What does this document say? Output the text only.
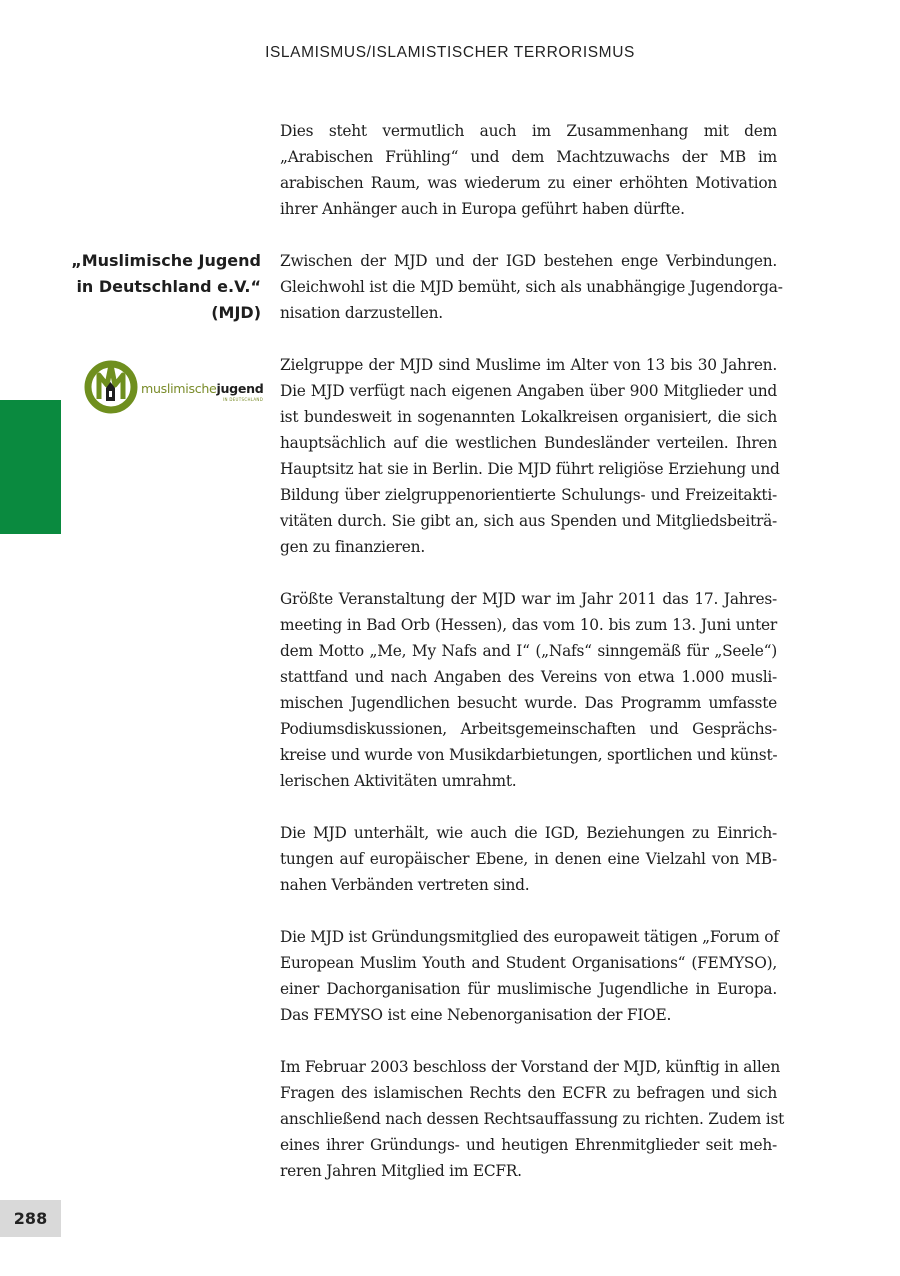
ISLAMISMUS/ISLAMISTISCHER TERRORISMUS
288
„Muslimische Jugend
in Deutschland e.V.“
(MJD)
muslimischejugend
IN DEUTSCHLAND
Dies steht vermutlich auch im Zusammenhang mit dem
„Arabischen Frühling“ und dem Machtzuwachs der MB im
arabischen Raum, was wiederum zu einer erhöhten Motivation
ihrer Anhänger auch in Europa geführt haben dürfte.
Zwischen der MJD und der IGD bestehen enge Verbindungen.
Gleichwohl ist die MJD bemüht, sich als unabhängige Jugendorga-
nisation darzustellen.
Zielgruppe der MJD sind Muslime im Alter von 13 bis 30 Jahren.
Die MJD verfügt nach eigenen Angaben über 900 Mitglieder und
ist bundesweit in sogenannten Lokalkreisen organisiert, die sich
hauptsächlich auf die westlichen Bundesländer verteilen. Ihren
Hauptsitz hat sie in Berlin. Die MJD führt religiöse Erziehung und
Bildung über zielgruppenorientierte Schulungs- und Freizeitakti-
vitäten durch. Sie gibt an, sich aus Spenden und Mitgliedsbeiträ-
gen zu finanzieren.
Größte Veranstaltung der MJD war im Jahr 2011 das 17. Jahres-
meeting in Bad Orb (Hessen), das vom 10. bis zum 13. Juni unter
dem Motto „Me, My Nafs and I“ („Nafs“ sinngemäß für „Seele“)
stattfand und nach Angaben des Vereins von etwa 1.000 musli-
mischen Jugendlichen besucht wurde. Das Programm umfasste
Podiumsdiskussionen, Arbeitsgemeinschaften und Gesprächs-
kreise und wurde von Musikdarbietungen, sportlichen und künst-
lerischen Aktivitäten umrahmt.
Die MJD unterhält, wie auch die IGD, Beziehungen zu Einrich-
tungen auf europäischer Ebene, in denen eine Vielzahl von MB-
nahen Verbänden vertreten sind.
Die MJD ist Gründungsmitglied des europaweit tätigen „Forum of
European Muslim Youth and Student Organisations“ (FEMYSO),
einer Dachorganisation für muslimische Jugendliche in Europa.
Das FEMYSO ist eine Nebenorganisation der FIOE.
Im Februar 2003 beschloss der Vorstand der MJD, künftig in allen
Fragen des islamischen Rechts den ECFR zu befragen und sich
anschließend nach dessen Rechtsauffassung zu richten. Zudem ist
eines ihrer Gründungs- und heutigen Ehrenmitglieder seit meh-
reren Jahren Mitglied im ECFR.
